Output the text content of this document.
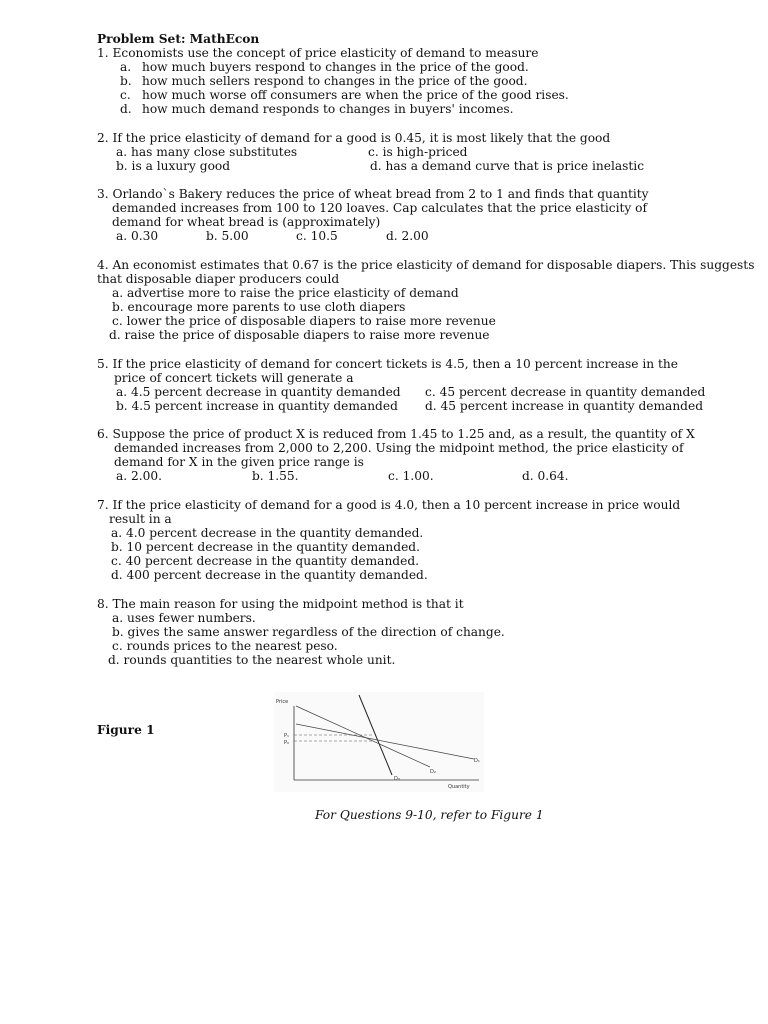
Problem Set: MathEcon
1. Economists use the concept of price elasticity of demand to measure
a. how much buyers respond to changes in the price of the good.
b. how much sellers respond to changes in the price of the good.
c. how much worse off consumers are when the price of the good rises.
d. how much demand responds to changes in buyers' incomes.
2. If the price elasticity of demand for a good is 0.45, it is most likely that the good
a. has many close substitutes	c. is high-priced
b. is a luxury good	d. has a demand curve that is price inelastic
3. Orlando`s Bakery reduces the price of wheat bread from 2 to 1 and finds that quantity
demanded increases from 100 to 120 loaves. Cap calculates that the price elasticity of
demand for wheat bread is (approximately)
a. 0.30	b. 5.00	c. 10.5	d. 2.00
4. An economist estimates that 0.67 is the price elasticity of demand for disposable diapers. This suggests
that disposable diaper producers could
a. advertise more to raise the price elasticity of demand
b. encourage more parents to use cloth diapers
c. lower the price of disposable diapers to raise more revenue
d. raise the price of disposable diapers to raise more revenue
5. If the price elasticity of demand for concert tickets is 4.5, then a 10 percent increase in the
price of concert tickets will generate a
a. 4.5 percent decrease in quantity demanded c. 45 percent decrease in quantity demanded
b. 4.5 percent increase in quantity demanded d. 45 percent increase in quantity demanded
6. Suppose the price of product X is reduced from 1.45 to 1.25 and, as a result, the quantity of X
demanded increases from 2,000 to 2,200. Using the midpoint method, the price elasticity of
demand for X in the given price range is
a. 2.00.	b. 1.55.	c. 1.00.	d. 0.64.
7. If the price elasticity of demand for a good is 4.0, then a 10 percent increase in price would
result in a
a. 4.0 percent decrease in the quantity demanded.
b. 10 percent decrease in the quantity demanded.
c. 40 percent decrease in the quantity demanded.
d. 400 percent decrease in the quantity demanded.
8. The main reason for using the midpoint method is that it
a. uses fewer numbers.
b. gives the same answer regardless of the direction of change.
c. rounds prices to the nearest peso.
d. rounds quantities to the nearest whole unit.
Figure 1
Price
Quantity
P₁
P₀
D₁
D₂
D₃
For Questions 9-10, refer to Figure 1
